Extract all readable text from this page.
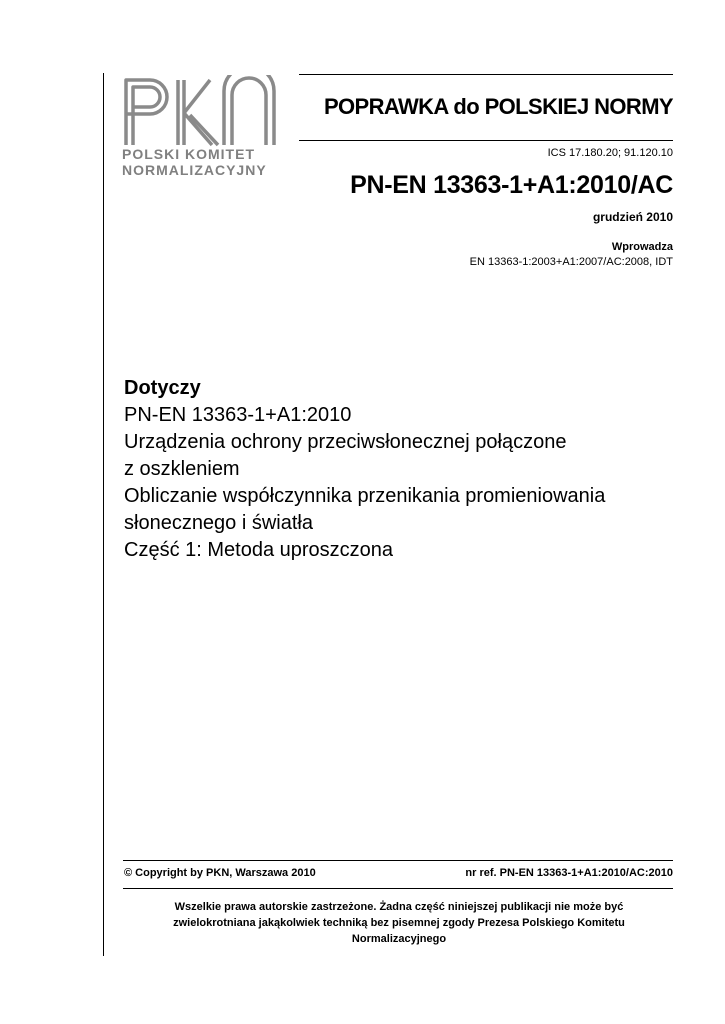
POLSKI KOMITET
NORMALIZACYJNY
POPRAWKA do POLSKIEJ NORMY
ICS 17.180.20; 91.120.10
PN-EN 13363-1+A1:2010/AC
grudzień 2010
Wprowadza
EN 13363-1:2003+A1:2007/AC:2008, IDT
Dotyczy
PN-EN 13363-1+A1:2010
Urządzenia ochrony przeciwsłonecznej połączone
z oszkleniem
Obliczanie współczynnika przenikania promieniowania
słonecznego i światła
Część 1: Metoda uproszczona
© Copyright by PKN, Warszawa 2010	nr ref. PN-EN 13363-1+A1:2010/AC:2010
Wszelkie prawa autorskie zastrzeżone. Żadna część niniejszej publikacji nie może być
zwielokrotniana jakąkolwiek techniką bez pisemnej zgody Prezesa Polskiego Komitetu
Normalizacyjnego
